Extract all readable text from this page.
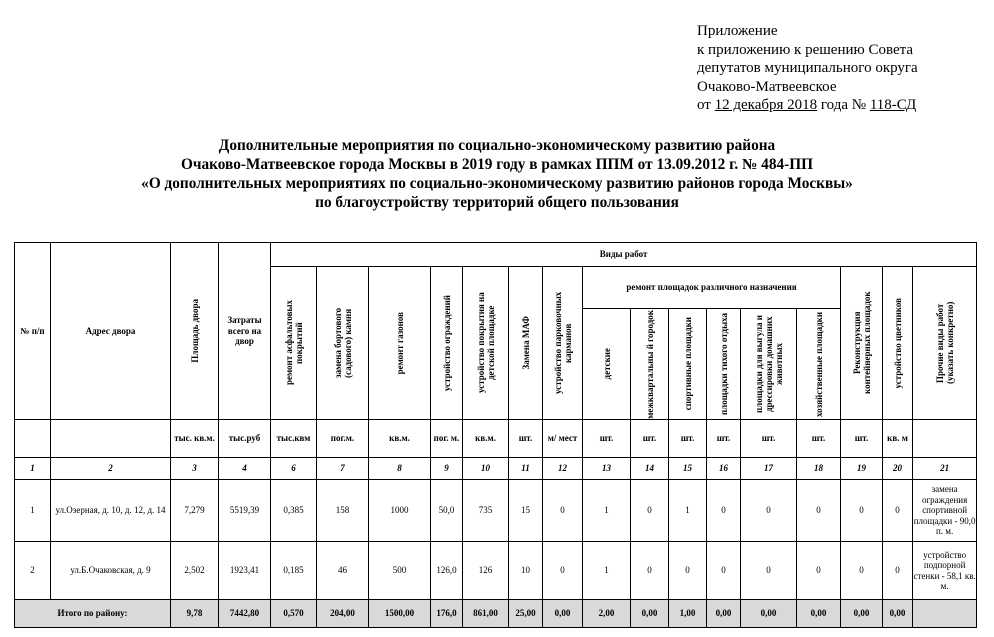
Приложение
к приложению к решению Совета
депутатов муниципального округа
Очаково-Матвеевское
от 12 декабря 2018 года № 118-СД
Дополнительные мероприятия по социально-экономическому развитию района
Очаково-Матвеевское города Москвы в 2019 году в рамках ППМ от 13.09.2012 г. № 484-ПП
«О дополнительных мероприятиях по социально-экономическому развитию районов города Москвы»
по благоустройству территорий общего пользования
№ п/п	Адрес двора	Площадь двора	Затраты всего на двор	Виды работ															

				ремонт асфальтовых покрытий	замена бортового (садового) камня	ремонт газонов	устройство ограждений	устройство покрытия на детской площадке	Замена МАФ	устройство парковочных карманов	ремонт площадок различного назначения						Реконструкция контейнерных площадок	устройство цветников	Прочие виды работ (указать конкретно)

											детские	межквартальны й городок	спортивные площадки	площадки тихого отдыха	площадки для выгула и дрессировки домашних животных	хозяйственные площадки			

		тыс. кв.м.	тыс.руб	тыс.квм	пог.м.	кв.м.	пог. м.	кв.м.	шт.	м/ мест	шт.	шт.	шт.	шт.	шт.	шт.	шт.	кв. м	
1	2	3	4	6	7	8	9	10	11	12	13	14	15	16	17	18	19	20	21
1	ул.Озерная, д. 10, д. 12, д. 14	7,279	5519,39	0,385	158	1000	50,0	735	15	0	1	0	1	0	0	0	0	0	замена ограждения спортивной площадки - 90,0 п. м.
2	ул.Б.Очаковская, д. 9	2,502	1923,41	0,185	46	500	126,0	126	10	0	1	0	0	0	0	0	0	0	устройство подпорной стенки - 58,1 кв. м.
Итого по району:		9,78	7442,80	0,570	204,00	1500,00	176,0	861,00	25,00	0,00	2,00	0,00	1,00	0,00	0,00	0,00	0,00	0,00	
